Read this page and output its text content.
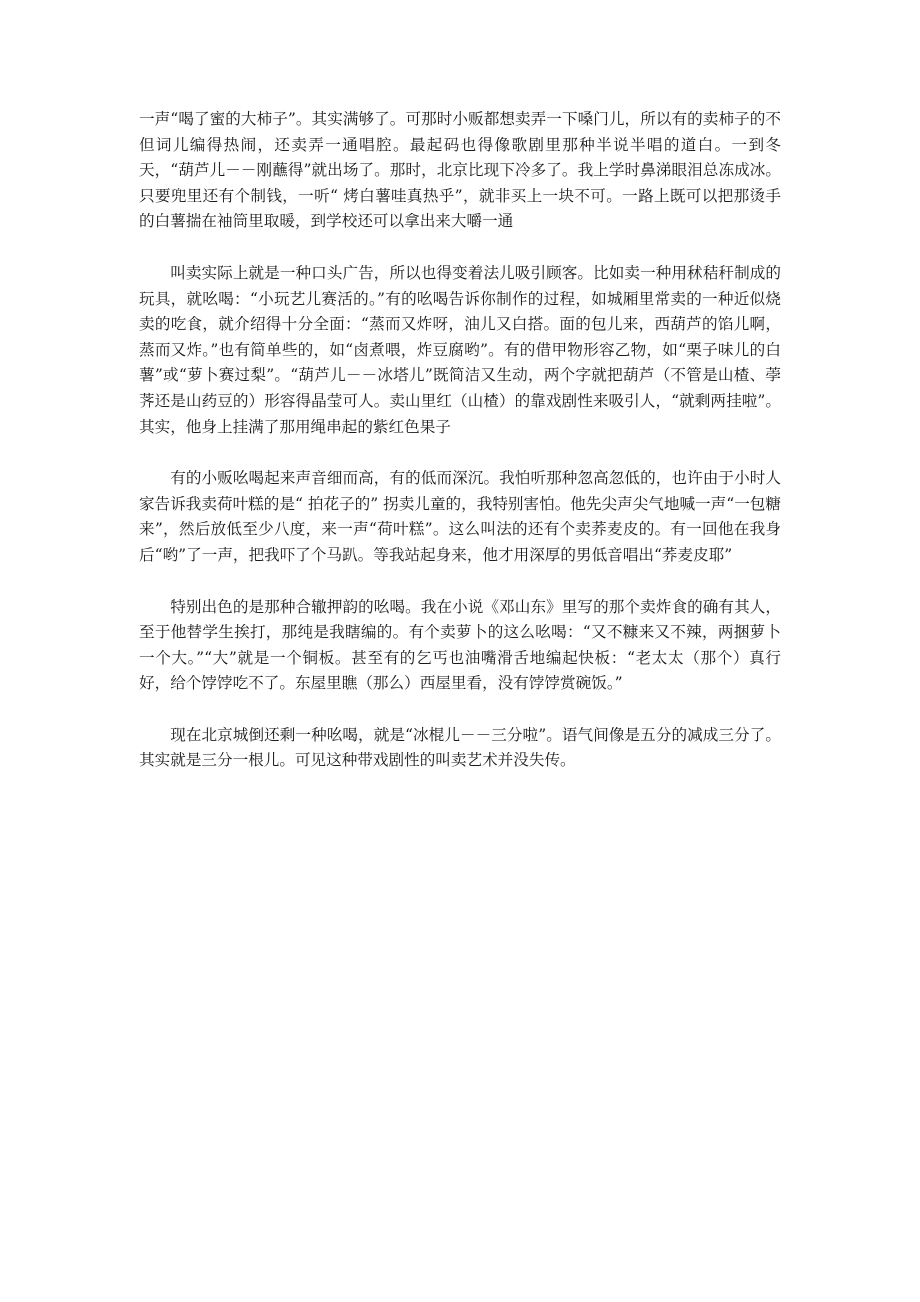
一声“喝了蜜的大柿子”。其实满够了。可那时小贩都想卖弄一下嗓门儿，所以有的卖柿子的不但词儿编得热闹，还卖弄一通唱腔。最起码也得像歌剧里那种半说半唱的道白。一到冬天，“葫芦儿－－刚蘸得”就出场了。那时，北京比现下冷多了。我上学时鼻涕眼泪总冻成冰。只要兜里还有个制钱，一听“ 烤白薯哇真热乎”，就非买上一块不可。一路上既可以把那烫手的白薯揣在袖筒里取暖，到学校还可以拿出来大嚼一通

叫卖实际上就是一种口头广告，所以也得变着法儿吸引顾客。比如卖一种用秫秸秆制成的玩具，就吆喝：“小玩艺儿赛活的。”有的吆喝告诉你制作的过程，如城厢里常卖的一种近似烧卖的吃食，就介绍得十分全面：“蒸而又炸呀，油儿又白搭。面的包儿来，西葫芦的馅儿啊，蒸而又炸。”也有简单些的，如“卤煮喂，炸豆腐哟”。有的借甲物形容乙物，如“栗子味儿的白薯”或“萝卜赛过梨”。“葫芦儿－－冰塔儿”既简洁又生动，两个字就把葫芦（不管是山楂、荸荠还是山药豆的）形容得晶莹可人。卖山里红（山楂）的靠戏剧性来吸引人，“就剩两挂啦”。其实，他身上挂满了那用绳串起的紫红色果子

有的小贩吆喝起来声音细而高，有的低而深沉。我怕听那种忽高忽低的，也许由于小时人家告诉我卖荷叶糕的是“ 拍花子的” 拐卖儿童的，我特别害怕。他先尖声尖气地喊一声“一包糖来”，然后放低至少八度，来一声“荷叶糕”。这么叫法的还有个卖荞麦皮的。有一回他在我身后“哟”了一声，把我吓了个马趴。等我站起身来，他才用深厚的男低音唱出“荞麦皮耶”

特别出色的是那种合辙押韵的吆喝。我在小说《邓山东》里写的那个卖炸食的确有其人，至于他替学生挨打，那纯是我瞎编的。有个卖萝卜的这么吆喝：“又不糠来又不辣，两捆萝卜一个大。”“大”就是一个铜板。甚至有的乞丐也油嘴滑舌地编起快板：“老太太（那个）真行好，给个饽饽吃不了。东屋里瞧（那么）西屋里看，没有饽饽赏碗饭。”

现在北京城倒还剩一种吆喝，就是“冰棍儿－－三分啦”。语气间像是五分的减成三分了。其实就是三分一根儿。可见这种带戏剧性的叫卖艺术并没失传。
